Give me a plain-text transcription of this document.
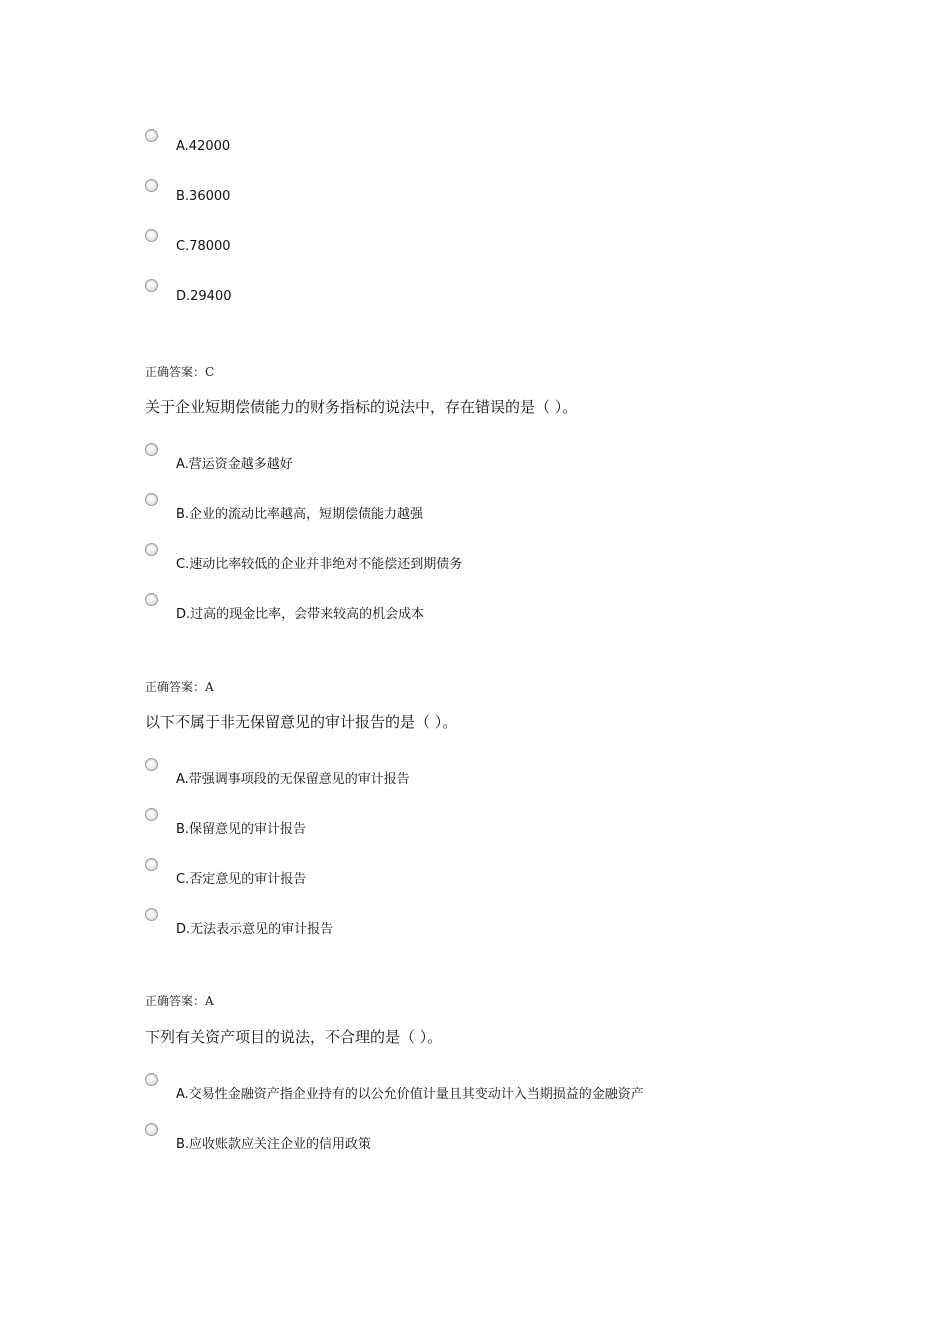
A.42000
B.36000
C.78000
D.29400
正确答案：C
关于企业短期偿债能力的财务指标的说法中，存在错误的是（ ）。
A.营运资金越多越好
B.企业的流动比率越高，短期偿债能力越强
C.速动比率较低的企业并非绝对不能偿还到期债务
D.过高的现金比率，会带来较高的机会成本
正确答案：A
以下不属于非无保留意见的审计报告的是（ ）。
A.带强调事项段的无保留意见的审计报告
B.保留意见的审计报告
C.否定意见的审计报告
D.无法表示意见的审计报告
正确答案：A
下列有关资产项目的说法，不合理的是（ ）。
A.交易性金融资产指企业持有的以公允价值计量且其变动计入当期损益的金融资产
B.应收账款应关注企业的信用政策
